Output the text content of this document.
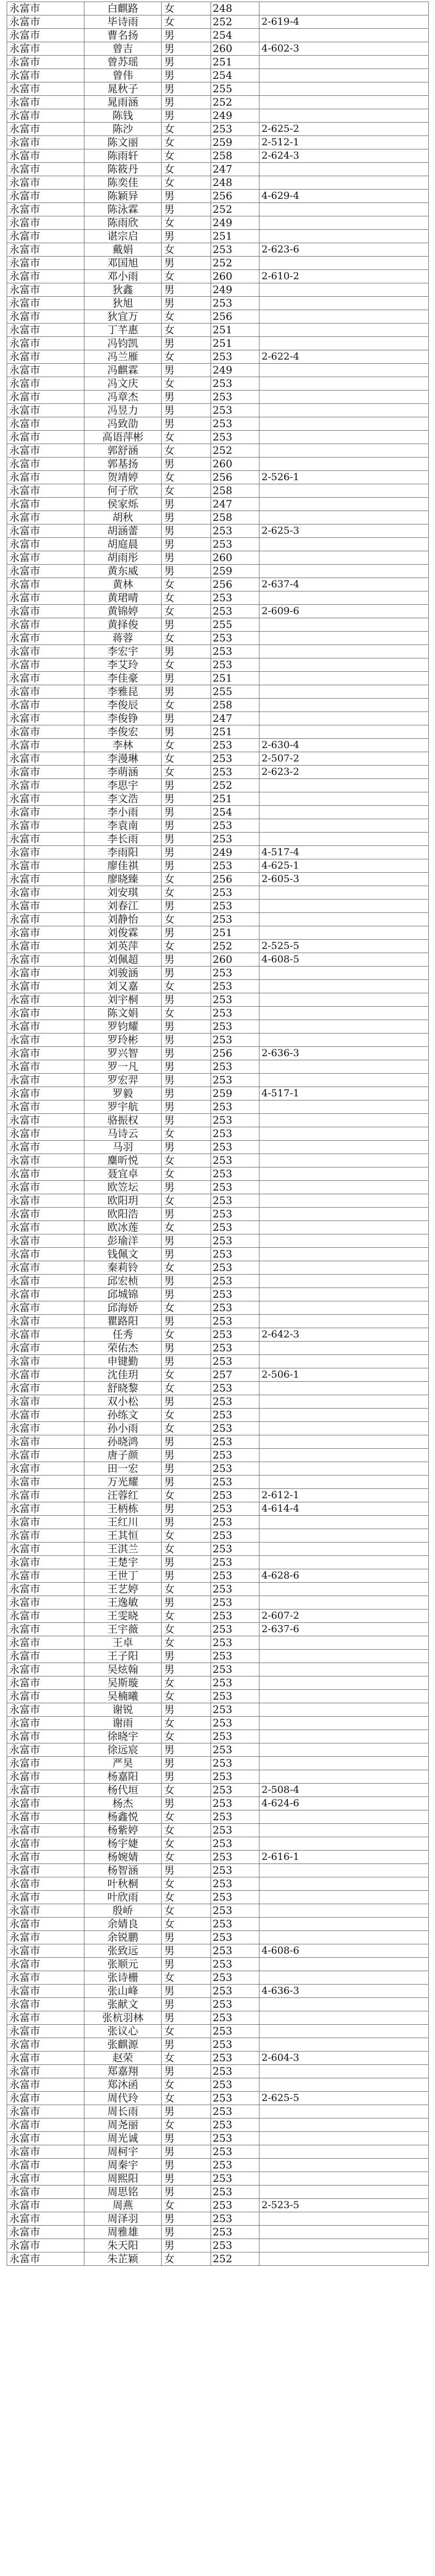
永富市	白麒路	女	248	
永富市	毕诗雨	女	252	2-619-4
永富市	曹名扬	男	254	
永富市	曾吉	男	260	4-602-3
永富市	曾苏瑶	男	251	
永富市	曾伟	男	254	
永富市	晁秋子	男	255	
永富市	晁雨涵	男	252	
永富市	陈钱	男	249	
永富市	陈沙	女	253	2-625-2
永富市	陈文丽	女	259	2-512-1
永富市	陈雨轩	女	258	2-624-3
永富市	陈筱丹	女	247	
永富市	陈奕佳	女	248	
永富市	陈颖异	男	256	4-629-4
永富市	陈泳霖	男	252	
永富市	陈雨欣	女	249	
永富市	谌宗启	男	251	
永富市	戴娟	女	253	2-623-6
永富市	邓国旭	男	252	
永富市	邓小雨	女	260	2-610-2
永富市	狄鑫	男	249	
永富市	狄旭	男	253	
永富市	狄宜万	女	256	
永富市	丁芊惠	女	251	
永富市	冯钧凯	男	251	
永富市	冯兰雁	女	253	2-622-4
永富市	冯麒霖	男	249	
永富市	冯文庆	女	253	
永富市	冯章杰	男	253	
永富市	冯昱力	男	253	
永富市	冯致劭	男	253	
永富市	高语萍彬	女	253	
永富市	郭舒涵	女	252	
永富市	郭基扬	男	260	
永富市	贺靖婷	女	256	2-526-1
永富市	何子欣	女	258	
永富市	侯家烁	男	247	
永富市	胡秋	男	258	
永富市	胡涵蕾	男	253	2-625-3
永富市	胡庭晨	男	253	
永富市	胡雨彤	男	260	
永富市	黄东威	男	259	
永富市	黄林	女	256	2-637-4
永富市	黄珺晴	女	253	
永富市	黄锦婷	女	253	2-609-6
永富市	黄择俊	男	255	
永富市	蒋蓉	女	253	
永富市	李宏宇	男	253	
永富市	李艾玲	女	253	
永富市	李佳豪	男	251	
永富市	李雅昆	男	255	
永富市	李俊辰	女	258	
永富市	李俊铮	男	247	
永富市	李俊宏	男	251	
永富市	李林	女	253	2-630-4
永富市	李漫琳	女	253	2-507-2
永富市	李萌涵	女	253	2-623-2
永富市	李思宇	男	252	
永富市	李文浩	男	251	
永富市	李小雨	男	254	
永富市	李袁南	男	253	
永富市	李长雨	男	253	
永富市	李雨阳	男	249	4-517-4
永富市	廖佳祺	男	253	4-625-1
永富市	廖晓臻	女	256	2-605-3
永富市	刘安琪	女	253	
永富市	刘春江	男	253	
永富市	刘静怡	女	253	
永富市	刘俊霖	男	251	
永富市	刘英萍	女	252	2-525-5
永富市	刘佩超	男	260	4-608-5
永富市	刘骏涵	男	253	
永富市	刘又嘉	女	253	
永富市	刘宇桐	男	253	
永富市	陈文娟	女	253	
永富市	罗钧耀	男	253	
永富市	罗玲彬	男	253	
永富市	罗兴智	男	256	2-636-3
永富市	罗一凡	男	253	
永富市	罗宏羿	男	253	
永富市	罗毅	男	259	4-517-1
永富市	罗宇航	男	253	
永富市	骆振权	男	253	
永富市	马诗云	女	253	
永富市	马羽	男	253	
永富市	麋昕悦	女	253	
永富市	聂宜卓	女	253	
永富市	欧笠坛	男	253	
永富市	欧阳玥	女	253	
永富市	欧阳浩	男	253	
永富市	欧冰莲	女	253	
永富市	彭瑜洋	男	253	
永富市	钱佩文	男	253	
永富市	秦莉铃	女	253	
永富市	邱宏桢	男	253	
永富市	邱城锦	男	253	
永富市	邱海娇	女	253	
永富市	瞿路阳	男	253	
永富市	任秀	女	253	2-642-3
永富市	荣佑杰	男	253	
永富市	申键勤	男	253	
永富市	沈佳玥	女	257	2-506-1
永富市	舒晓黎	女	253	
永富市	双小松	男	253	
永富市	孙练文	女	253	
永富市	孙小雨	女	253	
永富市	孙晓鸿	男	253	
永富市	唐子颜	男	253	
永富市	田一宏	男	253	
永富市	万光耀	男	253	
永富市	汪蓉红	女	253	2-612-1
永富市	王柄栋	男	253	4-614-4
永富市	王红川	男	253	
永富市	王其恒	女	253	
永富市	王淇兰	女	253	
永富市	王楚宇	男	253	
永富市	王世丁	男	253	4-628-6
永富市	王艺婷	女	253	
永富市	王逸敏	男	253	
永富市	王雯晓	女	253	2-607-2
永富市	王宇薇	女	253	2-637-6
永富市	王卓	女	253	
永富市	王子阳	男	253	
永富市	吴炫翰	男	253	
永富市	吴斯璇	女	253	
永富市	吴楠曦	女	253	
永富市	谢锐	男	253	
永富市	谢雨	女	253	
永富市	徐晓宇	女	253	
永富市	徐远宸	男	253	
永富市	严昊	男	253	
永富市	杨嘉阳	男	253	
永富市	杨代垣	女	253	2-508-4
永富市	杨杰	男	253	4-624-6
永富市	杨鑫悦	女	253	
永富市	杨紫婷	女	253	
永富市	杨宇婕	女	253	
永富市	杨婉婧	女	253	2-616-1
永富市	杨智涵	男	253	
永富市	叶秋桐	女	253	
永富市	叶欣雨	女	253	
永富市	殷峤	女	253	
永富市	余婧良	女	253	
永富市	余锐鹏	男	253	
永富市	张致远	男	253	4-608-6
永富市	张顺元	男	253	
永富市	张诗栅	女	253	
永富市	张山峰	男	253	4-636-3
永富市	张献文	男	253	
永富市	张杭羽林	男	253	
永富市	张议心	女	253	
永富市	张麒源	男	253	
永富市	赵荣	女	253	2-604-3
永富市	郑嘉翔	男	253	
永富市	郑沐函	女	253	
永富市	周代玲	女	253	2-625-5
永富市	周长雨	男	253	
永富市	周尧丽	女	253	
永富市	周光诚	男	253	
永富市	周柯宇	男	253	
永富市	周秦宇	男	253	
永富市	周熙阳	男	253	
永富市	周思铭	男	253	
永富市	周燕	女	253	2-523-5
永富市	周泽羽	男	253	
永富市	周雅雄	男	253	
永富市	朱天阳	男	253	
永富市	朱芷颖	女	252	
